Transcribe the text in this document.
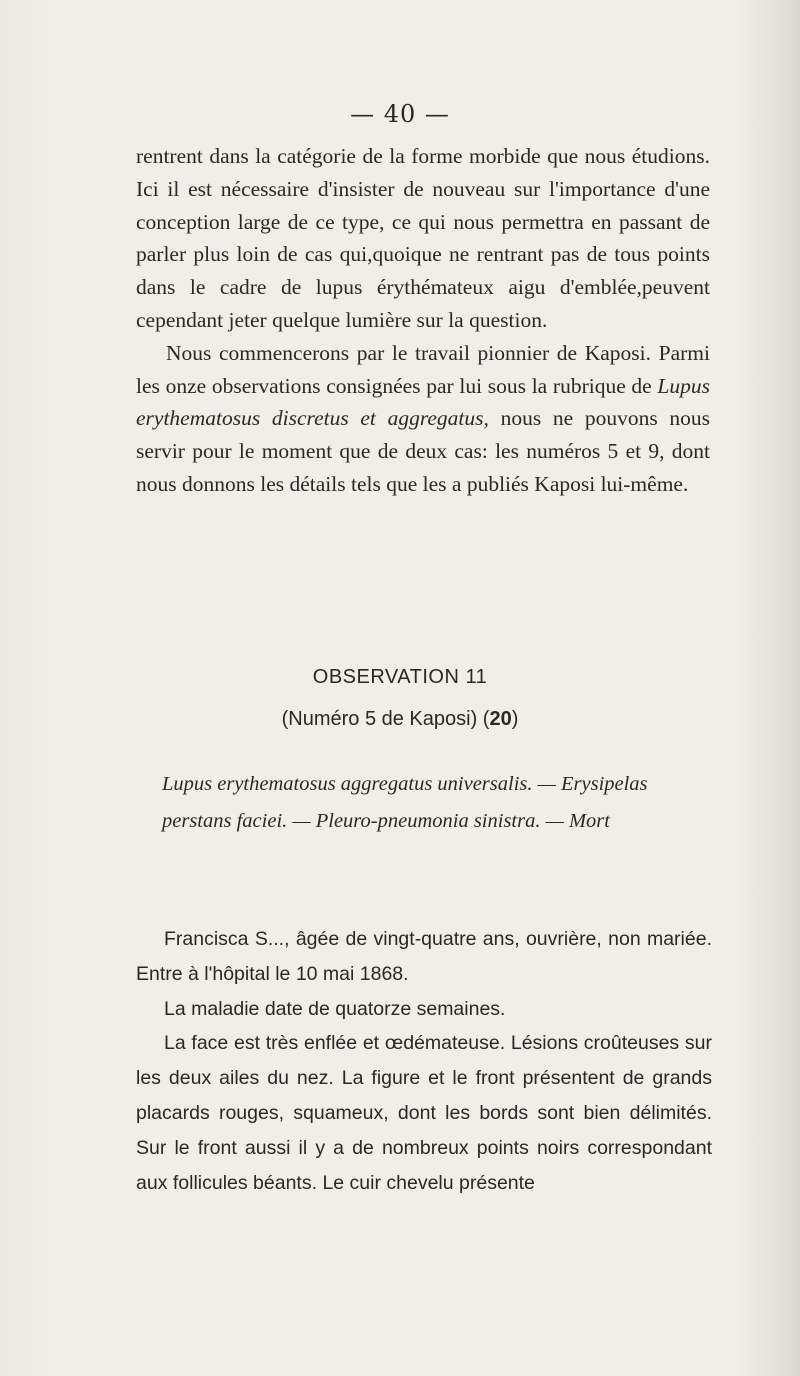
— 40 —

rentrent dans la catégorie de la forme morbide que nous étudions. Ici il est nécessaire d'insister de nouveau sur l'importance d'une conception large de ce type, ce qui nous permettra en passant de parler plus loin de cas qui,quoique ne rentrant pas de tous points dans le cadre de lupus érythémateux aigu d'emblée,peuvent cependant jeter quelque lumière sur la question.

Nous commencerons par le travail pionnier de Kaposi. Parmi les onze observations consignées par lui sous la rubrique de Lupus erythematosus discretus et aggregatus, nous ne pouvons nous servir pour le moment que de deux cas: les numéros 5 et 9, dont nous donnons les détails tels que les a publiés Kaposi lui-même.

OBSERVATION 11
(Numéro 5 de Kaposi) (20)
Lupus erythematosus aggregatus universalis. — Erysipelas perstans faciei. — Pleuro-pneumonia sinistra. — Mort

Francisca S..., âgée de vingt-quatre ans, ouvrière, non mariée. Entre à l'hôpital le 10 mai 1868.

La maladie date de quatorze semaines.

La face est très enflée et œdémateuse. Lésions croûteuses sur les deux ailes du nez. La figure et le front présentent de grands placards rouges, squameux, dont les bords sont bien délimités. Sur le front aussi il y a de nombreux points noirs correspondant aux follicules béants. Le cuir chevelu présente
